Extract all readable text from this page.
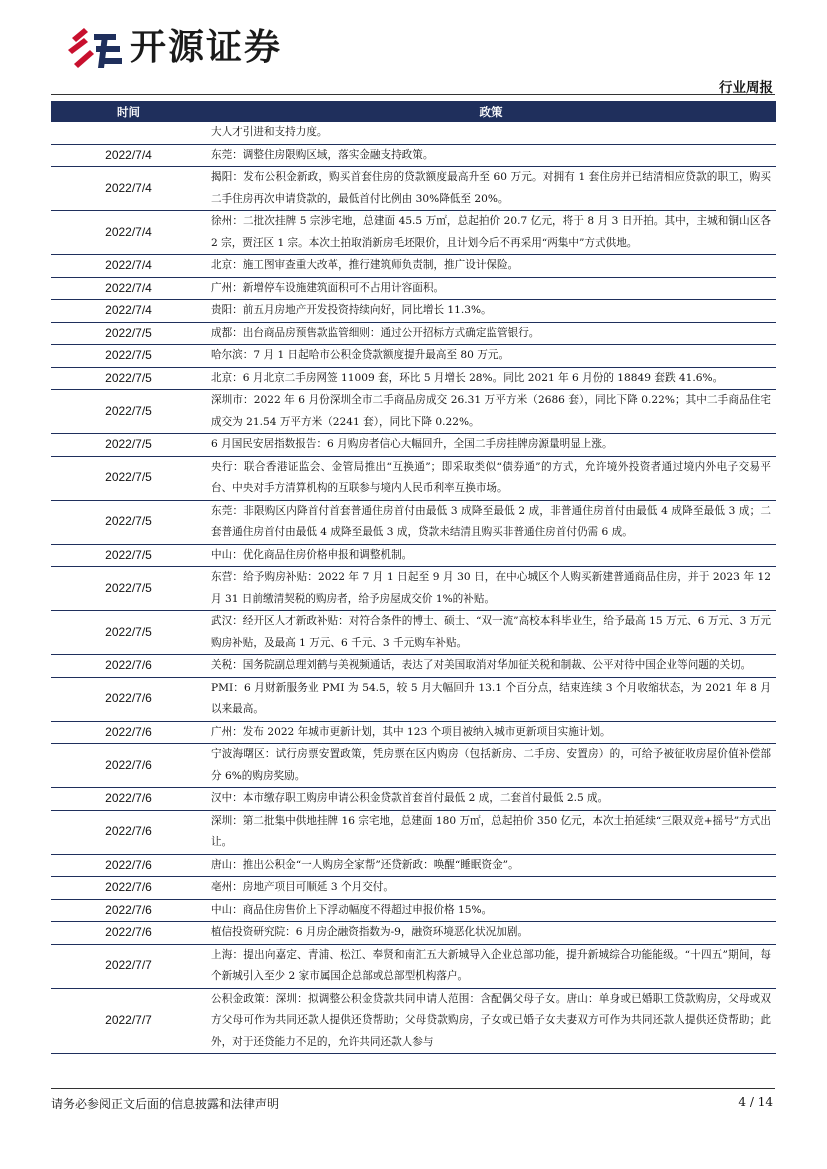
开源证券
行业周报
时间	政策
	大人才引进和支持力度。
2022/7/4	东莞：调整住房限购区域，落实金融支持政策。
2022/7/4	揭阳：发布公积金新政，购买首套住房的贷款额度最高升至 60 万元。对拥有 1 套住房并已结清相应贷款的职工，购买二手住房再次申请贷款的，最低首付比例由 30%降低至 20%。
2022/7/4	徐州：二批次挂牌 5 宗涉宅地，总建面 45.5 万㎡，总起拍价 20.7 亿元，将于 8 月 3 日开拍。其中，主城和铜山区各 2 宗，贾汪区 1 宗。本次土拍取消新房毛坯限价，且计划今后不再采用“两集中”方式供地。
2022/7/4	北京：施工图审查重大改革，推行建筑师负责制，推广设计保险。
2022/7/4	广州：新增停车设施建筑面积可不占用计容面积。
2022/7/4	贵阳：前五月房地产开发投资持续向好，同比增长 11.3%。
2022/7/5	成都：出台商品房预售款监管细则：通过公开招标方式确定监管银行。
2022/7/5	哈尔滨：7 月 1 日起哈市公积金贷款额度提升最高至 80 万元。
2022/7/5	北京：6 月北京二手房网签 11009 套，环比 5 月增长 28%。同比 2021 年 6 月份的 18849 套跌 41.6%。
2022/7/5	深圳市：2022 年 6 月份深圳全市二手商品房成交 26.31 万平方米（2686 套），同比下降 0.22%；其中二手商品住宅成交为 21.54 万平方米（2241 套），同比下降 0.22%。
2022/7/5	6 月国民安居指数报告：6 月购房者信心大幅回升，全国二手房挂牌房源量明显上涨。
2022/7/5	央行：联合香港证监会、金管局推出“互换通”；即采取类似“债券通”的方式，允许境外投资者通过境内外电子交易平台、中央对手方清算机构的互联参与境内人民币利率互换市场。
2022/7/5	东莞：非限购区内降首付首套普通住房首付由最低 3 成降至最低 2 成，非普通住房首付由最低 4 成降至最低 3 成；二套普通住房首付由最低 4 成降至最低 3 成，贷款未结清且购买非普通住房首付仍需 6 成。
2022/7/5	中山：优化商品住房价格申报和调整机制。
2022/7/5	东营：给予购房补贴：2022 年 7 月 1 日起至 9 月 30 日，在中心城区个人购买新建普通商品住房，并于 2023 年 12 月 31 日前缴清契税的购房者，给予房屋成交价 1%的补贴。
2022/7/5	武汉：经开区人才新政补贴：对符合条件的博士、硕士、“双一流”高校本科毕业生，给予最高 15 万元、6 万元、3 万元购房补贴，及最高 1 万元、6 千元、3 千元购车补贴。
2022/7/6	关税：国务院副总理刘鹤与美视频通话，表达了对美国取消对华加征关税和制裁、公平对待中国企业等问题的关切。
2022/7/6	PMI：6 月财新服务业 PMI 为 54.5，较 5 月大幅回升 13.1 个百分点，结束连续 3 个月收缩状态，为 2021 年 8 月以来最高。
2022/7/6	广州：发布 2022 年城市更新计划，其中 123 个项目被纳入城市更新项目实施计划。
2022/7/6	宁波海曙区：试行房票安置政策，凭房票在区内购房（包括新房、二手房、安置房）的，可给予被征收房屋价值补偿部分 6%的购房奖励。
2022/7/6	汉中：本市缴存职工购房申请公积金贷款首套首付最低 2 成，二套首付最低 2.5 成。
2022/7/6	深圳：第二批集中供地挂牌 16 宗宅地，总建面 180 万㎡，总起拍价 350 亿元，本次土拍延续“三限双竞+摇号”方式出让。
2022/7/6	唐山：推出公积金“一人购房全家帮”还贷新政：唤醒“睡眠资金”。
2022/7/6	亳州：房地产项目可顺延 3 个月交付。
2022/7/6	中山：商品住房售价上下浮动幅度不得超过申报价格 15%。
2022/7/6	植信投资研究院：6 月房企融资指数为-9，融资环境恶化状况加剧。
2022/7/7	上海：提出向嘉定、青浦、松江、奉贤和南汇五大新城导入企业总部功能，提升新城综合功能能级。“十四五”期间，每个新城引入至少 2 家市属国企总部或总部型机构落户。
2022/7/7	公积金政策：深圳：拟调整公积金贷款共同申请人范围：含配偶父母子女。唐山：单身或已婚职工贷款购房，父母或双方父母可作为共同还款人提供还贷帮助；父母贷款购房，子女或已婚子女夫妻双方可作为共同还款人提供还贷帮助；此外，对于还贷能力不足的，允许共同还款人参与
请务必参阅正文后面的信息披露和法律声明	4 / 14
